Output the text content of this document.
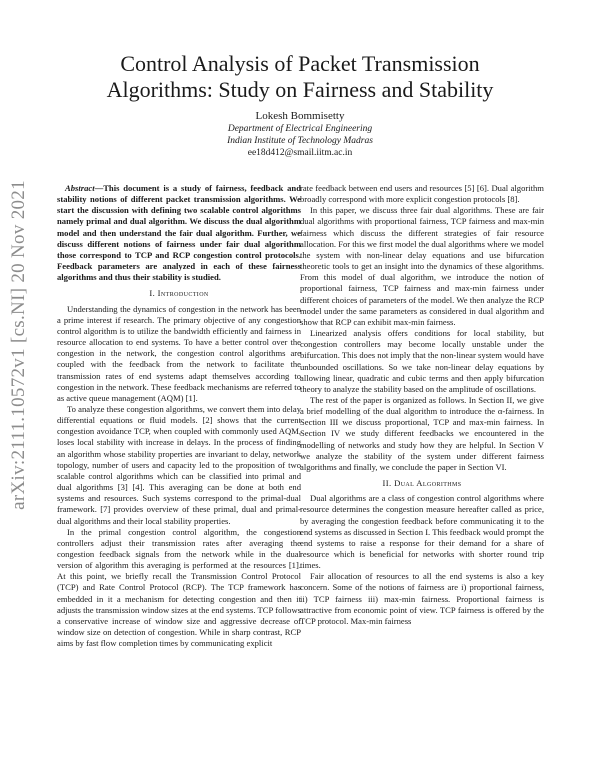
arXiv:2111.10572v1 [cs.NI] 20 Nov 2021
Control Analysis of Packet Transmission
Algorithms: Study on Fairness and Stability
Lokesh Bommisetty
Department of Electrical Engineering
Indian Institute of Technology Madras
ee18d412@smail.iitm.ac.in

Abstract—This document is a study of fairness, feedback and stability notions of different packet transmission algorithms. We start the discussion with defining two scalable control algorithms namely primal and dual algorithm. We discuss the dual algorithm model and then understand the fair dual algorithm. Further, we discuss different notions of fairness under fair dual algorithm those correspond to TCP and RCP congestion control protocols. Feedback parameters are analyzed in each of these fairness algorithms and thus their stability is studied.

I. Introduction

Understanding the dynamics of congestion in the network has been a prime interest if research. The primary objective of any congestion control algorithm is to utilize the bandwidth efficiently and fairness in resource allocation to end systems. To have a better control over the congestion in the network, the congestion control algorithms are coupled with the feedback from the network to facilitate the transmission rates of end systems adapt themselves according to congestion in the network. These feedback mechanisms are referred to as active queue management (AQM) [1].

To analyze these congestion algorithms, we convert them into delay differential equations or fluid models. [2] shows that the current congestion avoidance TCP, when coupled with commonly used AQM, loses local stability with increase in delays. In the process of finding an algorithm whose stability properties are invariant to delay, network topology, number of users and capacity led to the proposition of two scalable control algorithms which can be classified into primal and dual algorithms [3] [4]. This averaging can be done at both end systems and resources. Such systems correspond to the primal-dual framework. [7] provides overview of these primal, dual and primal-dual algorithms and their local stability properties.

In the primal congestion control algorithm, the congestion controllers adjust their transmission rates after averaging the congestion feedback signals from the network while in the dual version of algorithm this averaging is performed at the resources [1]. At this point, we briefly recall the Transmission Control Protocol (TCP) and Rate Control Protocol (RCP). The TCP framework has embedded in it a mechanism for detecting congestion and then it adjusts the transmission window sizes at the end systems. TCP follows a conservative increase of window size and aggressive decrease of window size on detection of congestion. While in sharp contrast, RCP aims by fast flow completion times by communicating explicit

rate feedback between end users and resources [5] [6]. Dual algorithm broadly correspond with more explicit congestion protocols [8].

In this paper, we discuss three fair dual algorithms. These are fair dual algorithms with proportional fairness, TCP fairness and max-min fairness which discuss the different strategies of fair resource allocation. For this we first model the dual algorithms where we model the system with non-linear delay equations and use bifurcation theoretic tools to get an insight into the dynamics of these algorithms. From this model of dual algorithm, we introduce the notion of proportional fairness, TCP fairness and max-min fairness under different choices of parameters of the model. We then analyze the RCP model under the same parameters as considered in dual algorithm and show that RCP can exhibit max-min fairness.

Linearized analysis offers conditions for local stability, but congestion controllers may become locally unstable under the bifurcation. This does not imply that the non-linear system would have unbounded oscillations. So we take non-linear delay equations by allowing linear, quadratic and cubic terms and then apply bifurcation theory to analyze the stability based on the amplitude of oscillations.

The rest of the paper is organized as follows. In Section II, we give a brief modelling of the dual algorithm to introduce the α-fairness. In Section III we discuss proportional, TCP and max-min fairness. In Section IV we study different feedbacks we encountered in the modelling of networks and study how they are helpful. In Section V we analyze the stability of the system under different fairness algorithms and finally, we conclude the paper in Section VI.

II. Dual Algorithms

Dual algorithms are a class of congestion control algorithms where resource determines the congestion measure hereafter called as price, by averaging the congestion feedback before communicating it to the end systems as discussed in Section I. This feedback would prompt the end systems to raise a response for their demand for a share of resource which is beneficial for networks with shorter round trip times.

Fair allocation of resources to all the end systems is also a key concern. Some of the notions of fairness are i) proportional fairness, ii) TCP fairness iii) max-min fairness. Proportional fairness is attractive from economic point of view. TCP fairness is offered by the TCP protocol. Max-min fairness
